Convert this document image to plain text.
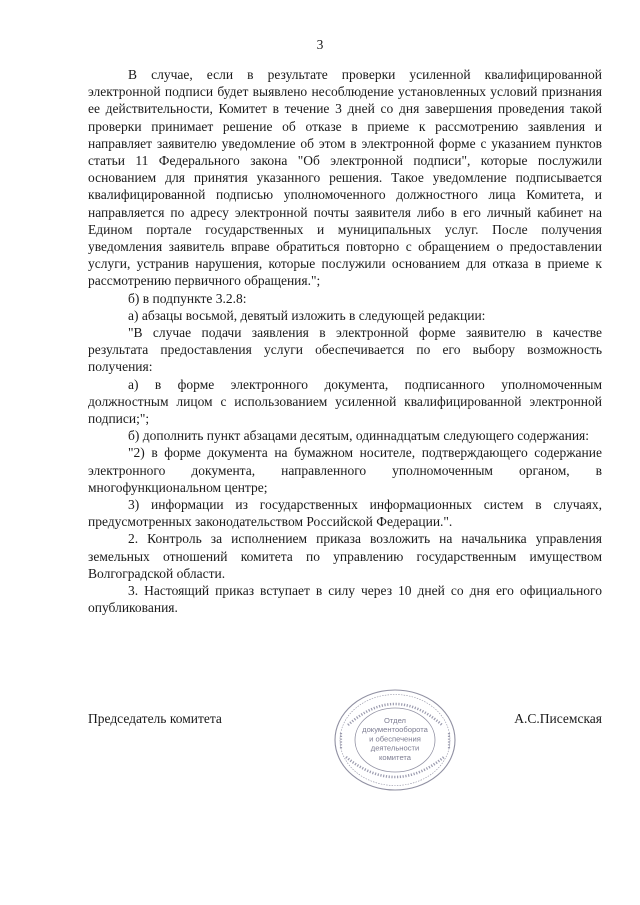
3

В случае, если в результате проверки усиленной квалифицированной электронной подписи будет выявлено несоблюдение установленных условий признания ее действительности, Комитет в течение 3 дней со дня завершения проведения такой проверки принимает решение об отказе в приеме к рассмотрению заявления и направляет заявителю уведомление об этом в электронной форме с указанием пунктов статьи 11 Федерального закона "Об электронной подписи", которые послужили основанием для принятия указанного решения. Такое уведомление подписывается квалифицированной подписью уполномоченного должностного лица Комитета, и направляется по адресу электронной почты заявителя либо в его личный кабинет на Едином портале государственных и муниципальных услуг. После получения уведомления заявитель вправе обратиться повторно с обращением о предоставлении услуги, устранив нарушения, которые послужили основанием для отказа в приеме к рассмотрению первичного обращения.";

б) в подпункте 3.2.8:

а) абзацы восьмой, девятый изложить в следующей редакции:

"В случае подачи заявления в электронной форме заявителю в качестве результата предоставления услуги обеспечивается по его выбору возможность получения:

а) в форме электронного документа, подписанного уполномоченным должностным лицом с использованием усиленной квалифицированной электронной подписи;";

б) дополнить пункт абзацами десятым, одиннадцатым следующего содержания:

"2) в форме документа на бумажном носителе, подтверждающего содержание электронного документа, направленного уполномоченным органом, в многофункциональном центре;

3) информации из государственных информационных систем в случаях, предусмотренных законодательством Российской Федерации.".

2. Контроль за исполнением приказа возложить на начальника управления земельных отношений комитета по управлению государственным имуществом Волгоградской области.

3. Настоящий приказ вступает в силу через 10 дней со дня его официального опубликования.

Председатель комитета	А.С.Писемская
Отдел документооборота и обеспечения деятельности комитета
